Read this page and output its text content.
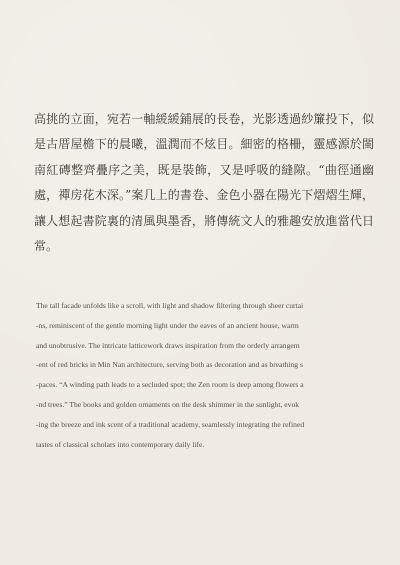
高挑的立面，宛若一軸緩緩鋪展的長卷，光影透過紗簾投下，似
是古厝屋檐下的晨曦，溫潤而不炫目。細密的格柵，靈感源於閩
南紅磚整齊疊序之美，既是裝飾，又是呼吸的縫隙。“曲徑通幽
處，禪房花木深。”案几上的書卷、金色小器在陽光下熠熠生輝，
讓人想起書院裏的清風與墨香，將傳統文人的雅趣安放進當代日
常。
The tall facade unfolds like a scroll, with light and shadow filtering through sheer curtai
-ns, reminiscent of the gentle morning light under the eaves of an ancient house, warm
and unobtrusive. The intricate latticework draws inspiration from the orderly arrangem
-ent of red bricks in Min Nan architecture, serving both as decoration and as breathing s
-paces. “A winding path leads to a secluded spot; the Zen room is deep among flowers a
-nd trees.” The books and golden ornaments on the desk shimmer in the sunlight, evok
-ing the breeze and ink scent of a traditional academy, seamlessly integrating the refined
tastes of classical scholars into contemporary daily life.
